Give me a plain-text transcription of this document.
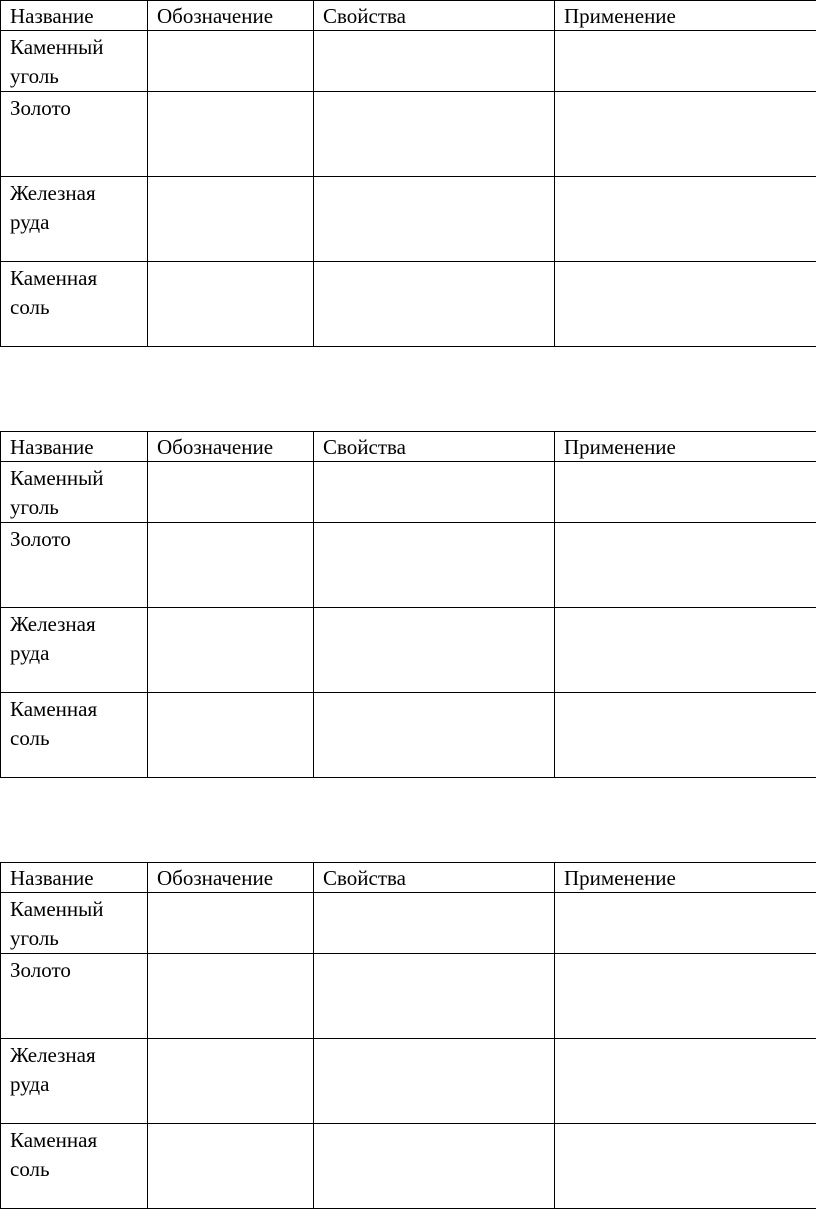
Название	Обозначение	Свойства	Применение

Каменный
уголь			

Золото			

Железная
руда			

Каменная
соль			

Название	Обозначение	Свойства	Применение

Каменный
уголь			

Золото			

Железная
руда			

Каменная
соль			

Название	Обозначение	Свойства	Применение

Каменный
уголь			

Золото			

Железная
руда			

Каменная
соль			
